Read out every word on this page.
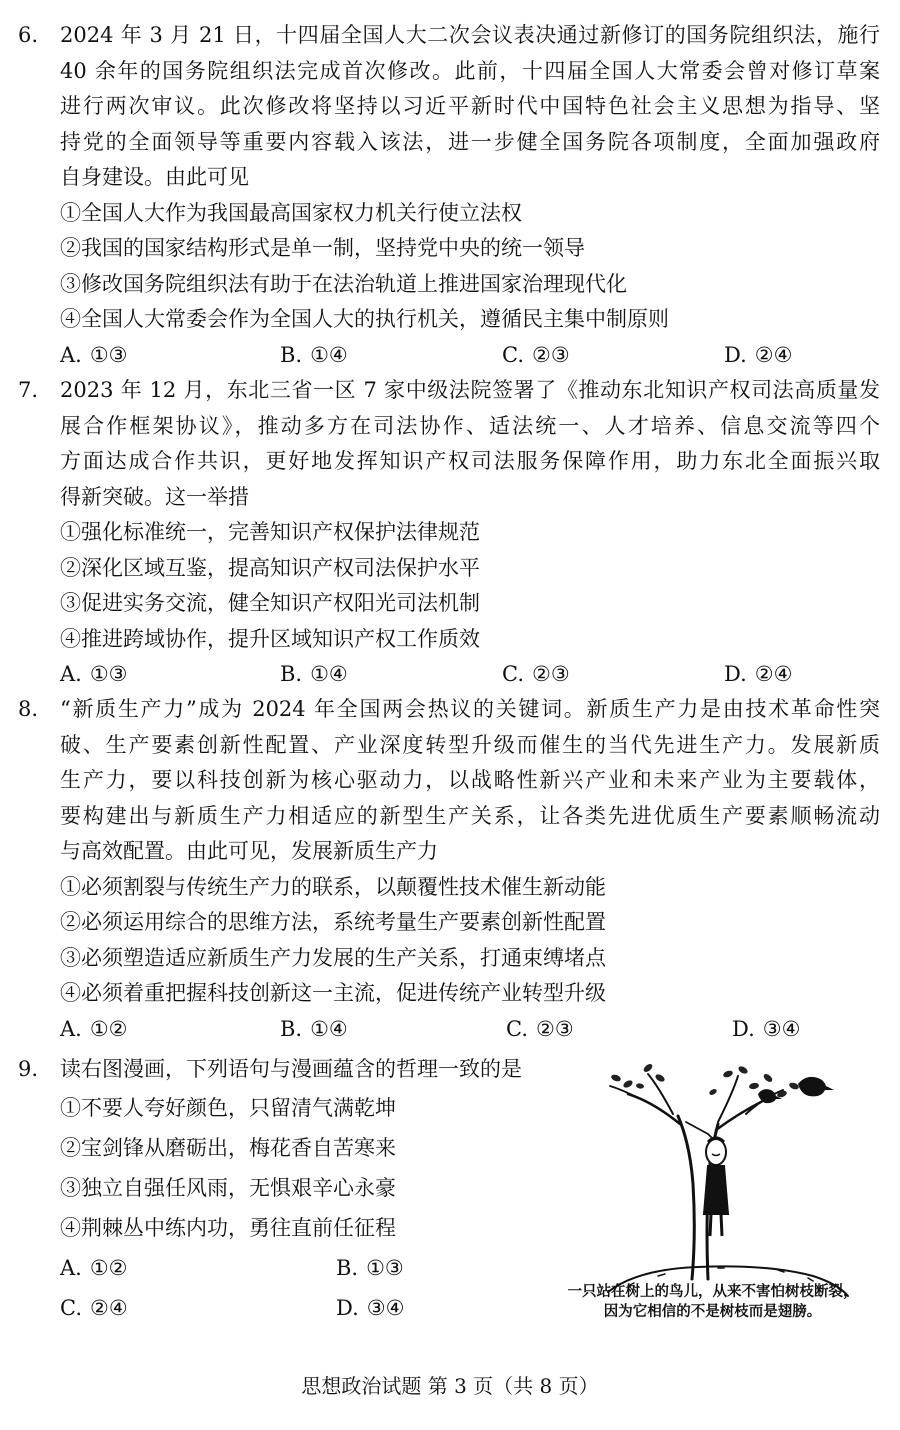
6. 2024 年 3 月 21 日，十四届全国人大二次会议表决通过新修订的国务院组织法，施行
40 余年的国务院组织法完成首次修改。此前，十四届全国人大常委会曾对修订草案
进行两次审议。此次修改将坚持以习近平新时代中国特色社会主义思想为指导、坚
持党的全面领导等重要内容载入该法，进一步健全国务院各项制度，全面加强政府
自身建设。由此可见
①全国人大作为我国最高国家权力机关行使立法权
②我国的国家结构形式是单一制，坚持党中央的统一领导
③修改国务院组织法有助于在法治轨道上推进国家治理现代化
④全国人大常委会作为全国人大的执行机关，遵循民主集中制原则
A. ①③	B. ①④	C. ②③	D. ②④
7. 2023 年 12 月，东北三省一区 7 家中级法院签署了《推动东北知识产权司法高质量发
展合作框架协议》，推动多方在司法协作、适法统一、人才培养、信息交流等四个
方面达成合作共识，更好地发挥知识产权司法服务保障作用，助力东北全面振兴取
得新突破。这一举措
①强化标准统一，完善知识产权保护法律规范
②深化区域互鉴，提高知识产权司法保护水平
③促进实务交流，健全知识产权阳光司法机制
④推进跨域协作，提升区域知识产权工作质效
A. ①③	B. ①④	C. ②③	D. ②④
8. “新质生产力”成为 2024 年全国两会热议的关键词。新质生产力是由技术革命性突
破、生产要素创新性配置、产业深度转型升级而催生的当代先进生产力。发展新质
生产力，要以科技创新为核心驱动力，以战略性新兴产业和未来产业为主要载体，
要构建出与新质生产力相适应的新型生产关系，让各类先进优质生产要素顺畅流动
与高效配置。由此可见，发展新质生产力
①必须割裂与传统生产力的联系，以颠覆性技术催生新动能
②必须运用综合的思维方法，系统考量生产要素创新性配置
③必须塑造适应新质生产力发展的生产关系，打通束缚堵点
④必须着重把握科技创新这一主流，促进传统产业转型升级
A. ①②	B. ①④	C. ②③	D. ③④
9. 读右图漫画，下列语句与漫画蕴含的哲理一致的是
①不要人夸好颜色，只留清气满乾坤
②宝剑锋从磨砺出，梅花香自苦寒来
③独立自强任风雨，无惧艰辛心永豪
④荆棘丛中练内功，勇往直前任征程
A. ①②	B. ①③
C. ②④	D. ③④
一只站在树上的鸟儿，从来不害怕树枝断裂，
因为它相信的不是树枝而是翅膀。
思想政治试题 第 3 页（共 8 页）
